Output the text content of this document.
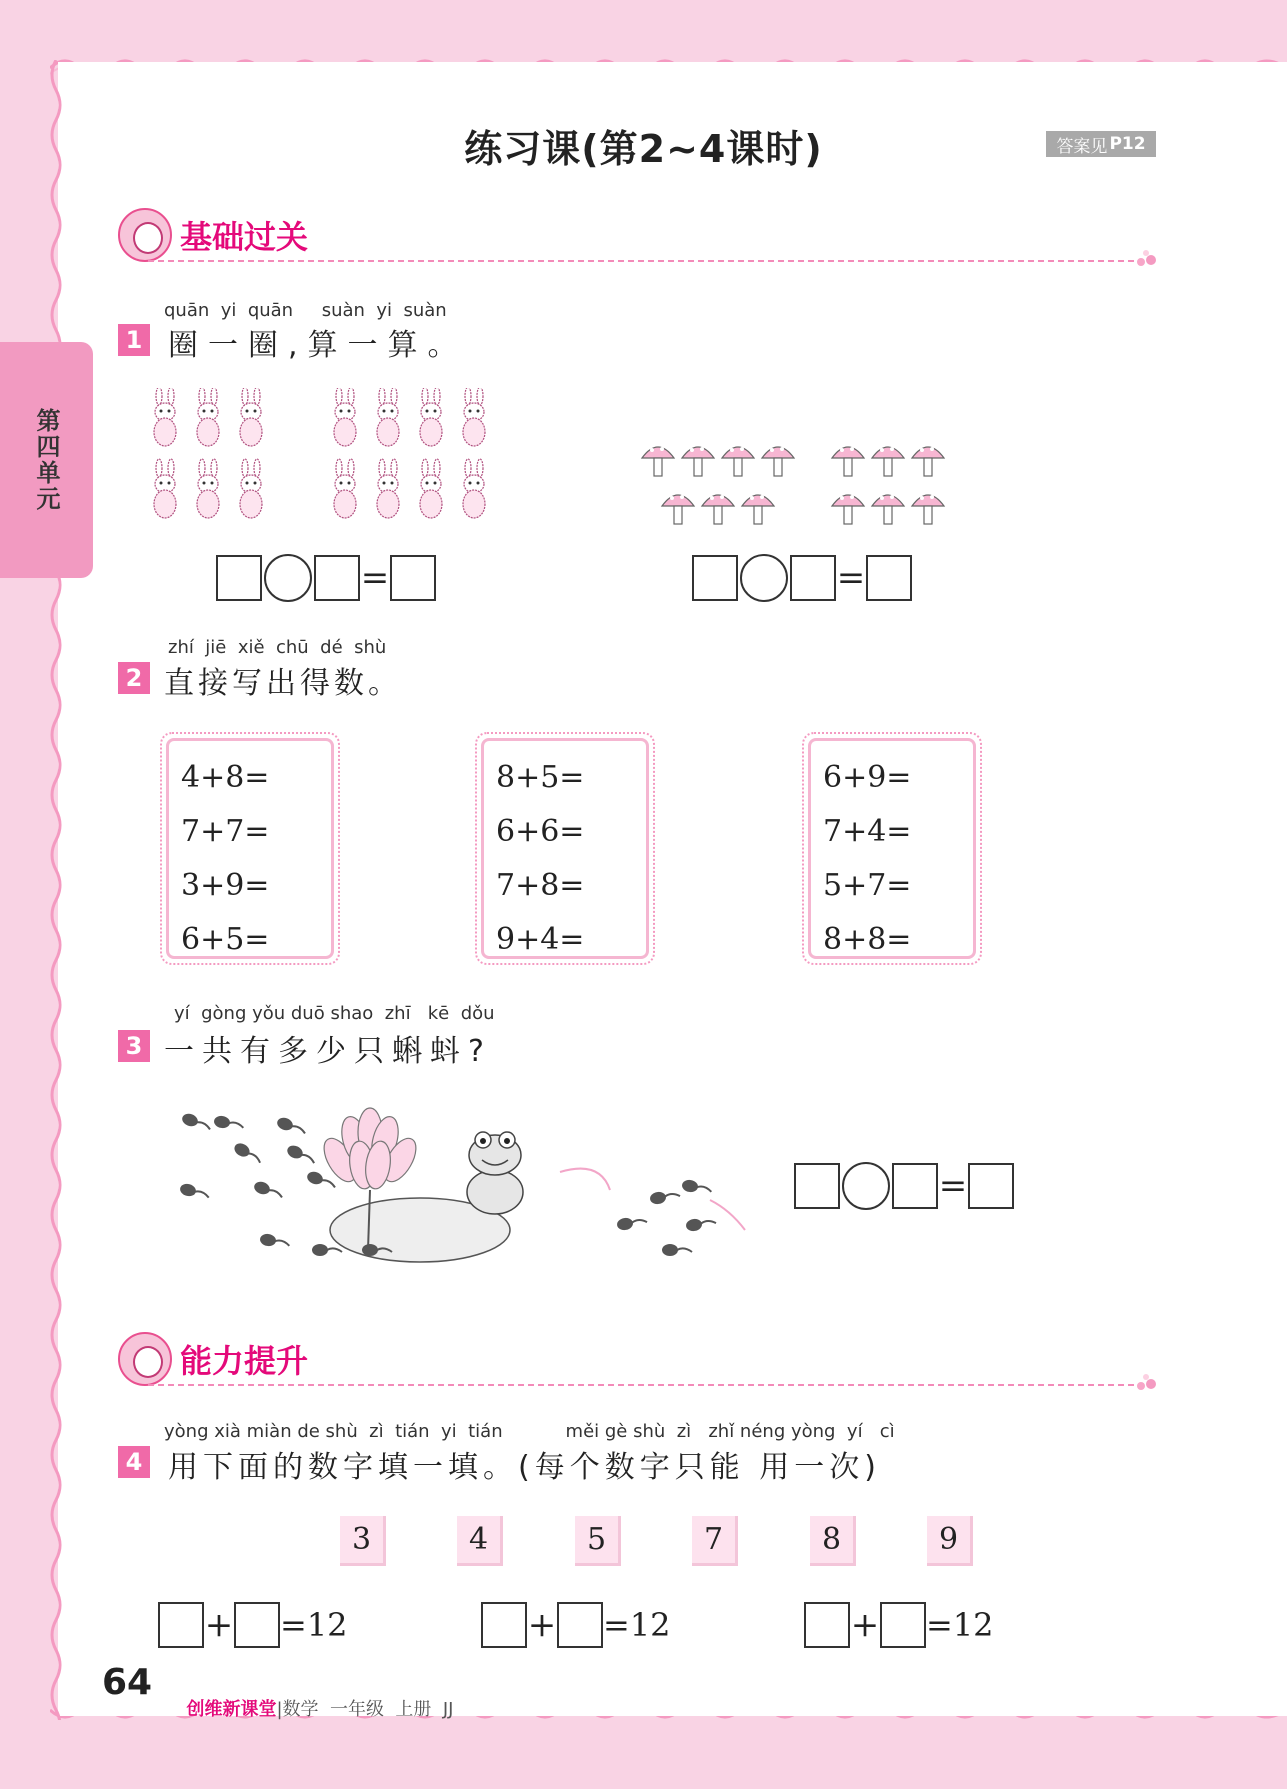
第四单元
练习课(第2~4课时)	答案见 P12
基础过关
quān  yi  quān     suàn  yi  suàn
1 圈一圈,算一算。
=	=
zhí  jiē  xiě  chū  dé  shù
2 直接写出得数。
4+8=
7+7=
3+9=
6+5=
8+5=
6+6=
7+8=
9+4=
6+9=
7+4=
5+7=
8+8=
yí  gòng yǒu duō shao  zhī   kē  dǒu
3 一共有多少只蝌蚪?
=
能力提升
yòng xià miàn de shù  zì  tián  yi  tián           měi gè shù  zì   zhǐ néng yòng  yí   cì
4 用下面的数字填一填。(每个数字只能 用一次)
3	4	5	7	8	9
+ =12	+ =12	+ =12
64

创维新课堂|数学  一年级  上册  JJ
